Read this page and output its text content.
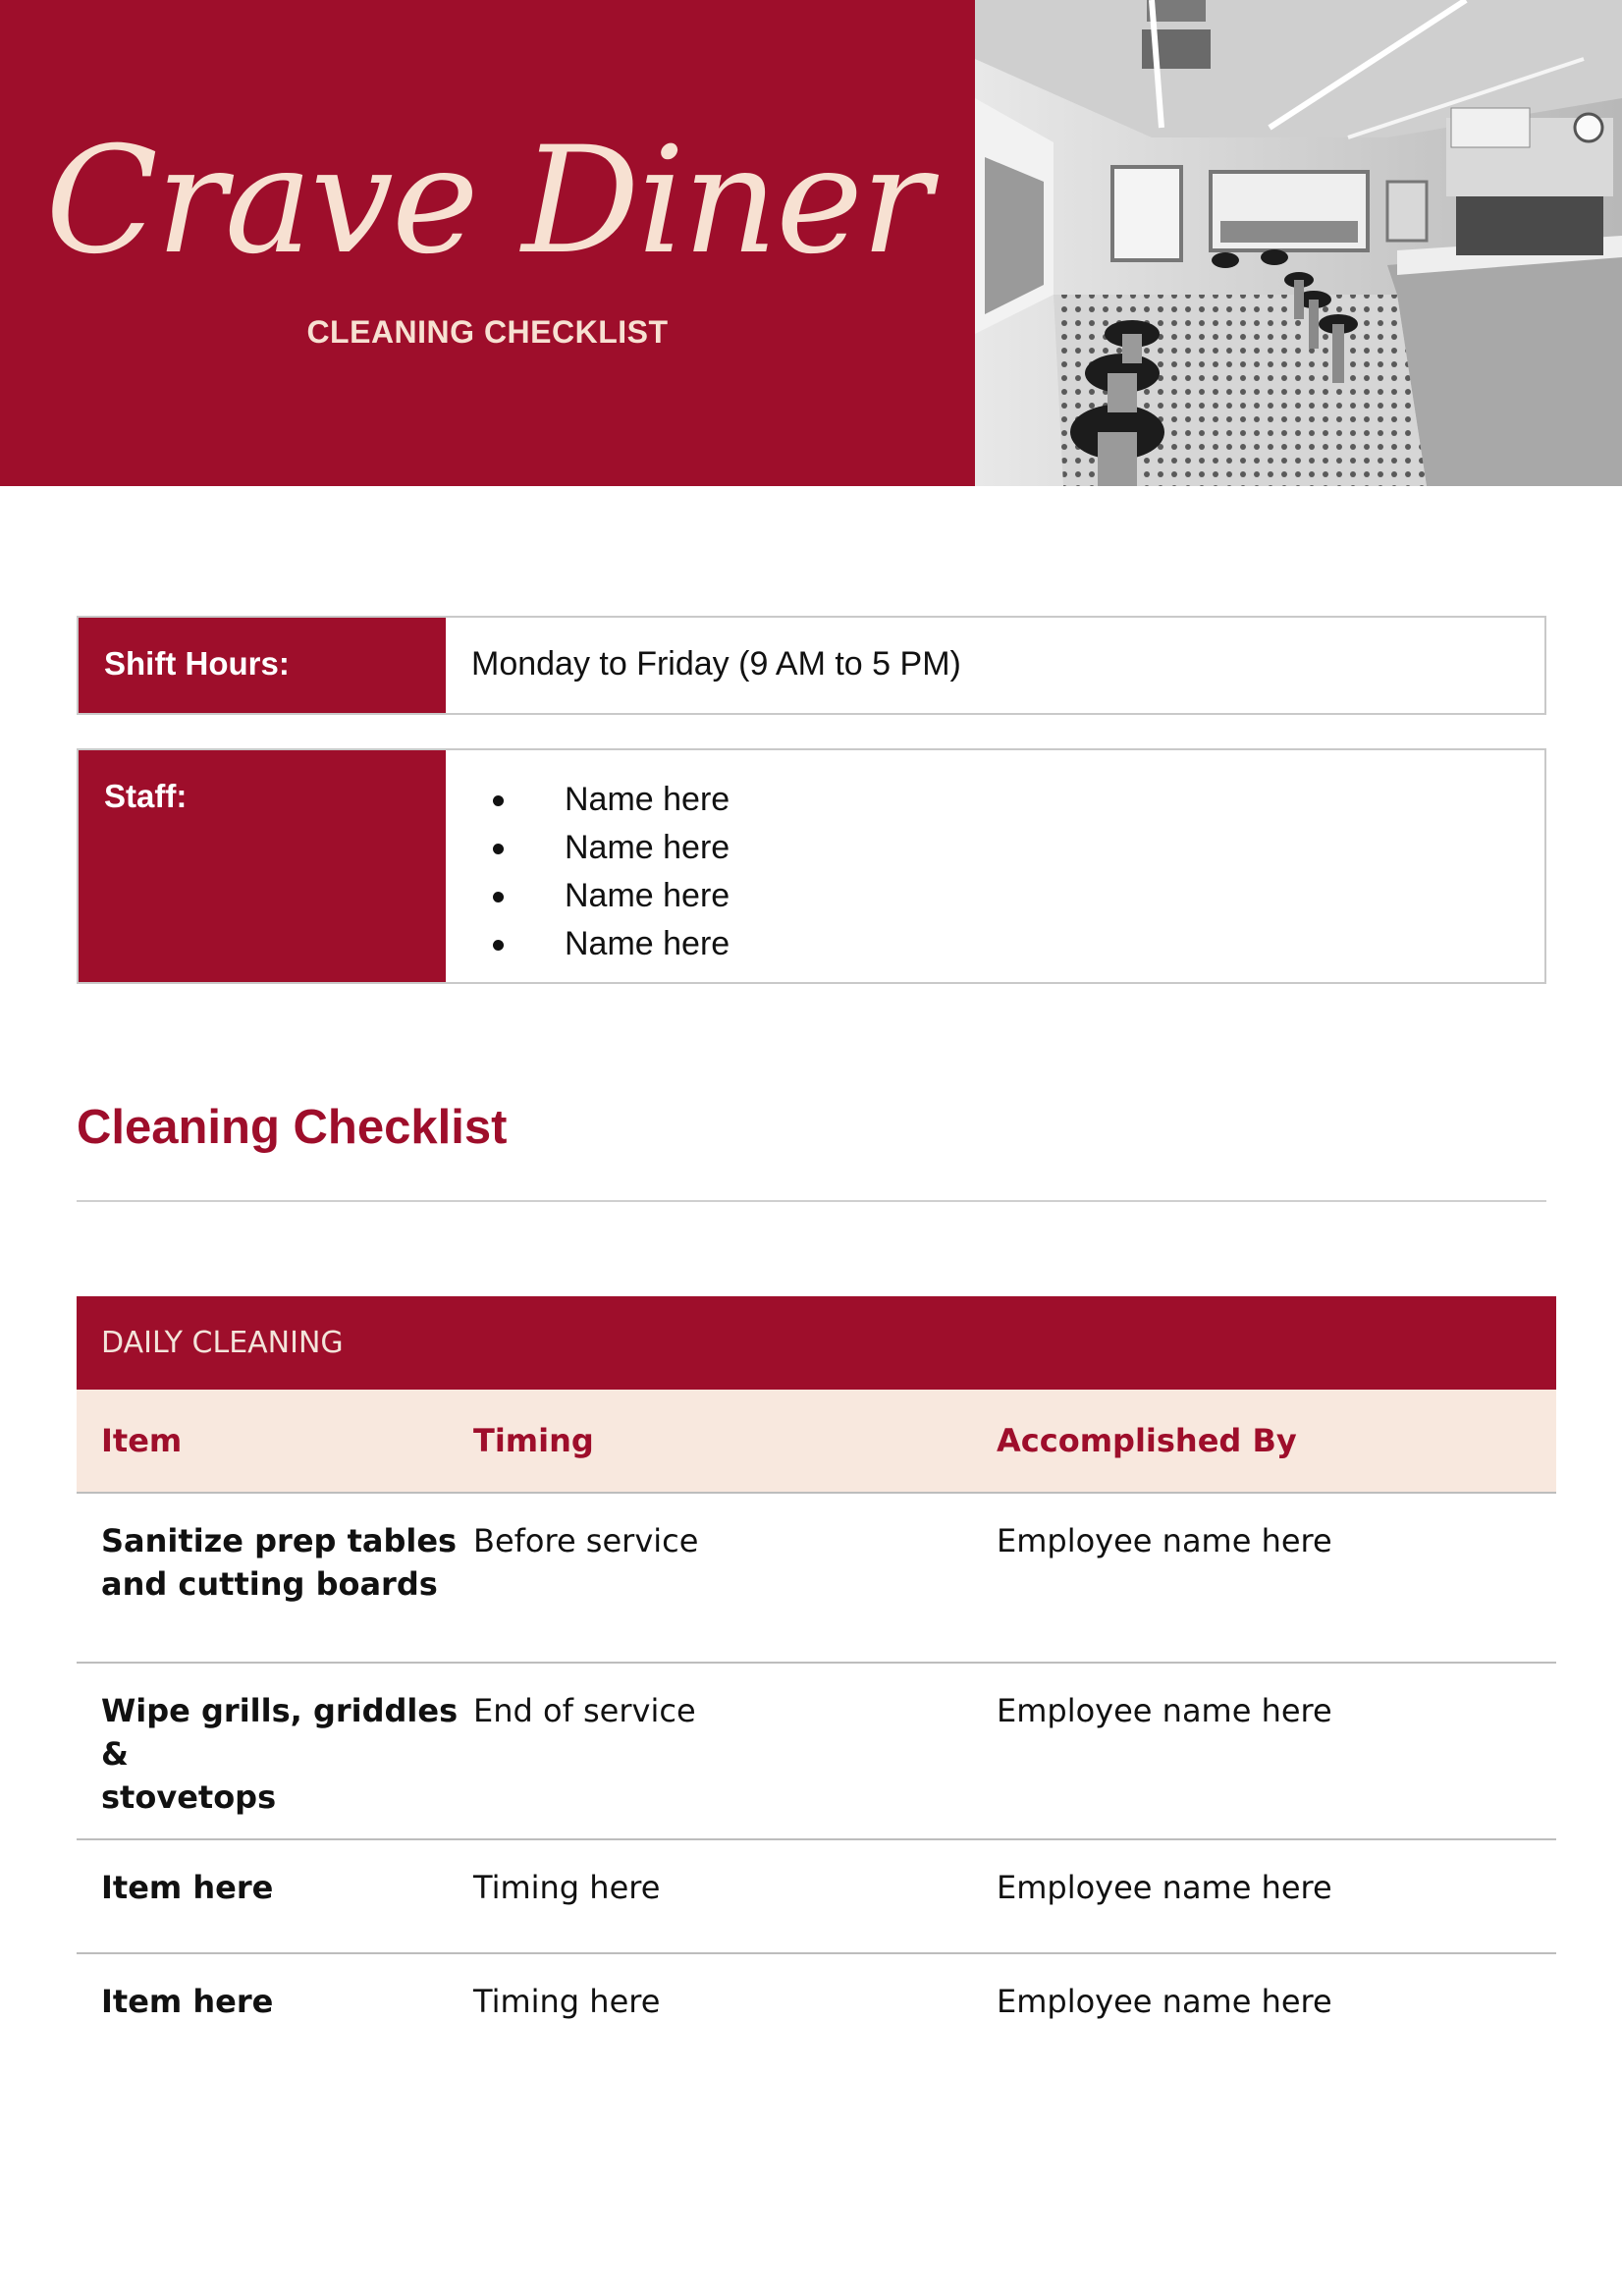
Crave Diner
CLEANING CHECKLIST
Shift Hours:	Monday to Friday (9 AM to 5 PM)
Staff:	Name here
Name here
Name here
Name here
Cleaning Checklist
DAILY CLEANING
Item	Timing	Accomplished By
Sanitize prep tables
and cutting boards
Before service	Employee name here
Wipe grills, griddles &
stovetops
End of service	Employee name here
Item here	Timing here	Employee name here
Item here	Timing here	Employee name here
